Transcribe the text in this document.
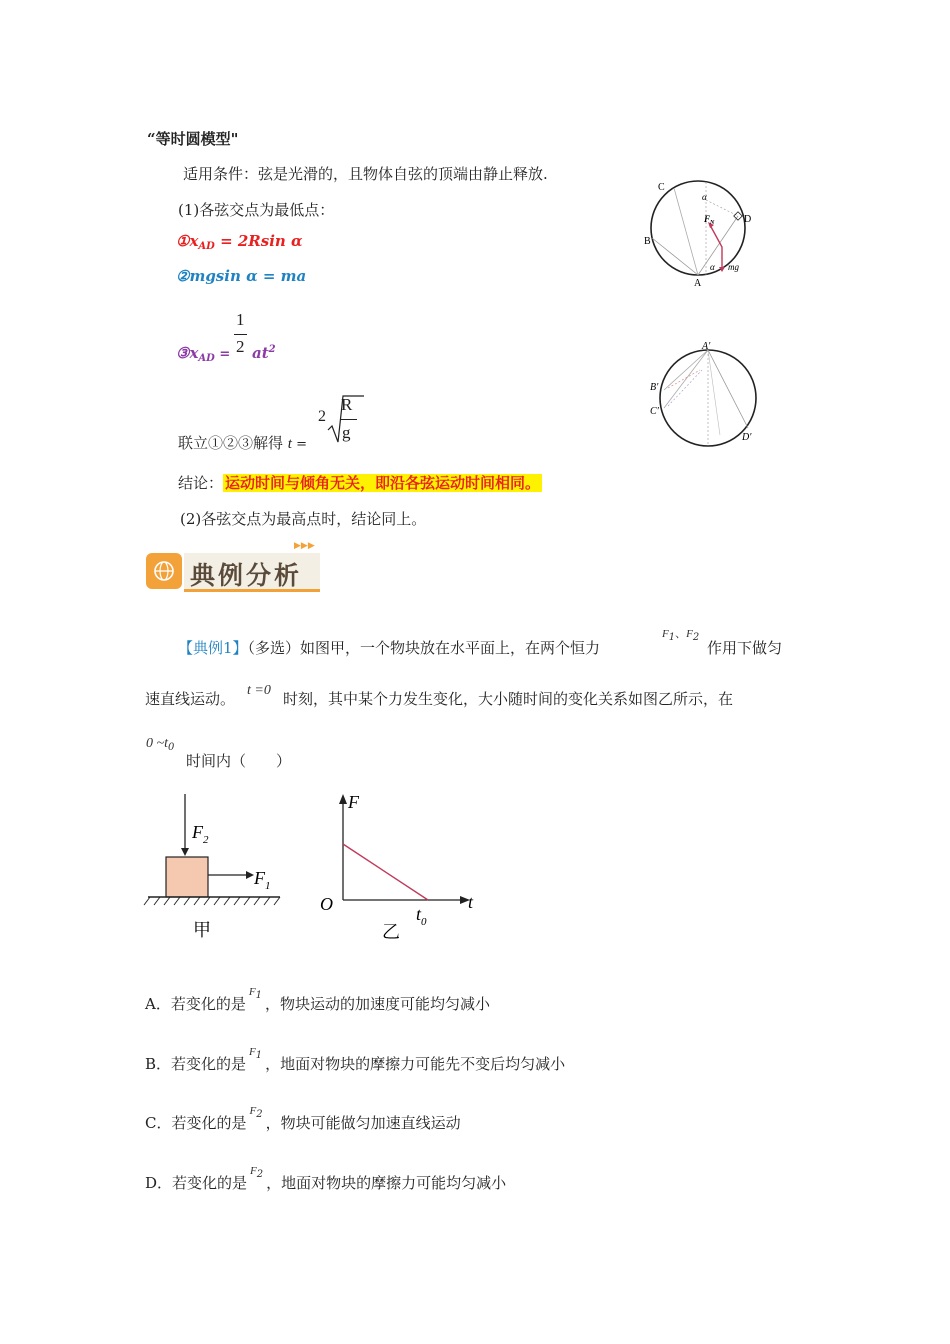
“等时圆模型"
适用条件：弦是光滑的，且物体自弦的顶端由静止释放.
(1)各弦交点为最低点：
$①x_{AD} = 2Rsin$ α
②mgsin α = ma
$③x_{AD}$ =
1
2 $at^2$
联立①②③解得 t =
2
R
g
结论： 运动时间与倾角无关，即沿各弦运动时间相同。
(2)各弦交点为最高点时，结论同上。
C
B
D
A
$F_N$
mg
α
α
A′
B′
C′
D′
典例分析
▶▶▶
【典例1】（多选）如图甲，一个物块放在水平面上，在两个恒力
F1、F2
作用下做匀
速直线运动。 t =0 时刻，其中某个力发生变化，大小随时间的变化关系如图乙所示，在
0 $\sim t_0$
时间内（　　）
$F_2$
$F_1$
甲
F
t
O	$t_0$
乙
A．若变化的是$^{F1}$ ，物块运动的加速度可能均匀减小
B．若变化的是$^{F1}$ ，地面对物块的摩擦力可能先不变后均匀减小
C．若变化的是$^{F2}$ ，物块可能做匀加速直线运动
D．若变化的是$^{F2}$ ，地面对物块的摩擦力可能均匀减小
